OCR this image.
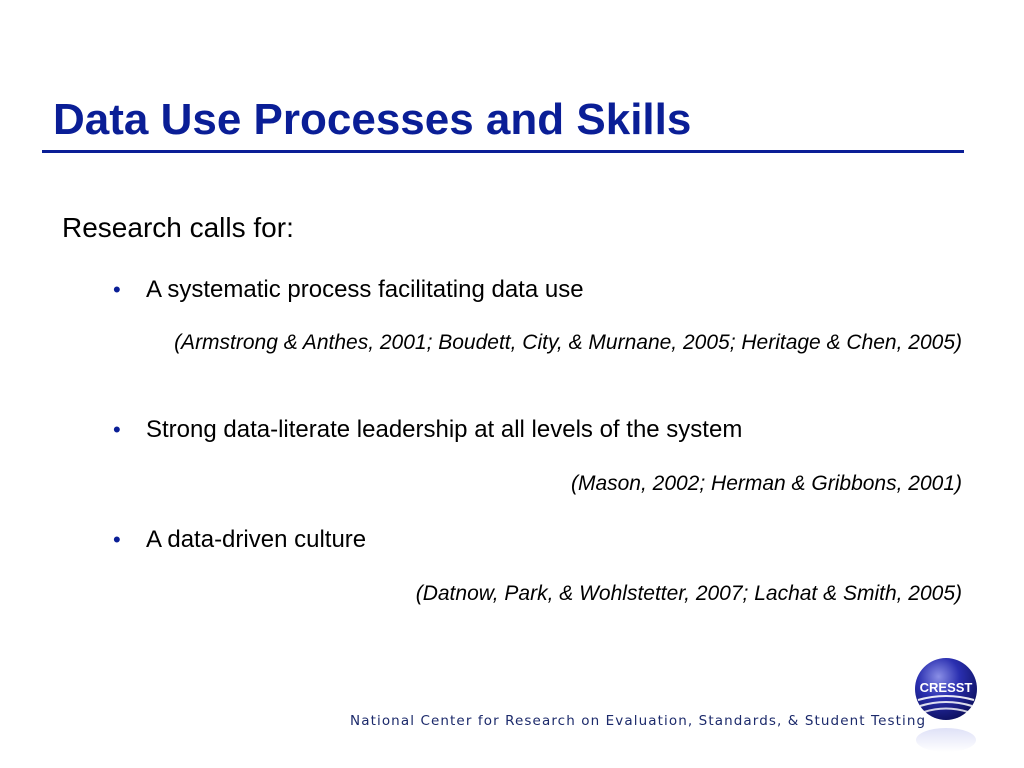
Data Use Processes and Skills

Research calls for:

• A systematic process facilitating data use

(Armstrong & Anthes, 2001; Boudett, City, & Murnane, 2005; Heritage & Chen, 2005)

• Strong data-literate leadership at all levels of the system

(Mason, 2002; Herman & Gribbons, 2001)

• A data-driven culture

(Datnow, Park, & Wohlstetter, 2007; Lachat & Smith, 2005)

National Center for Research on Evaluation, Standards, & Student Testing
CRESST
